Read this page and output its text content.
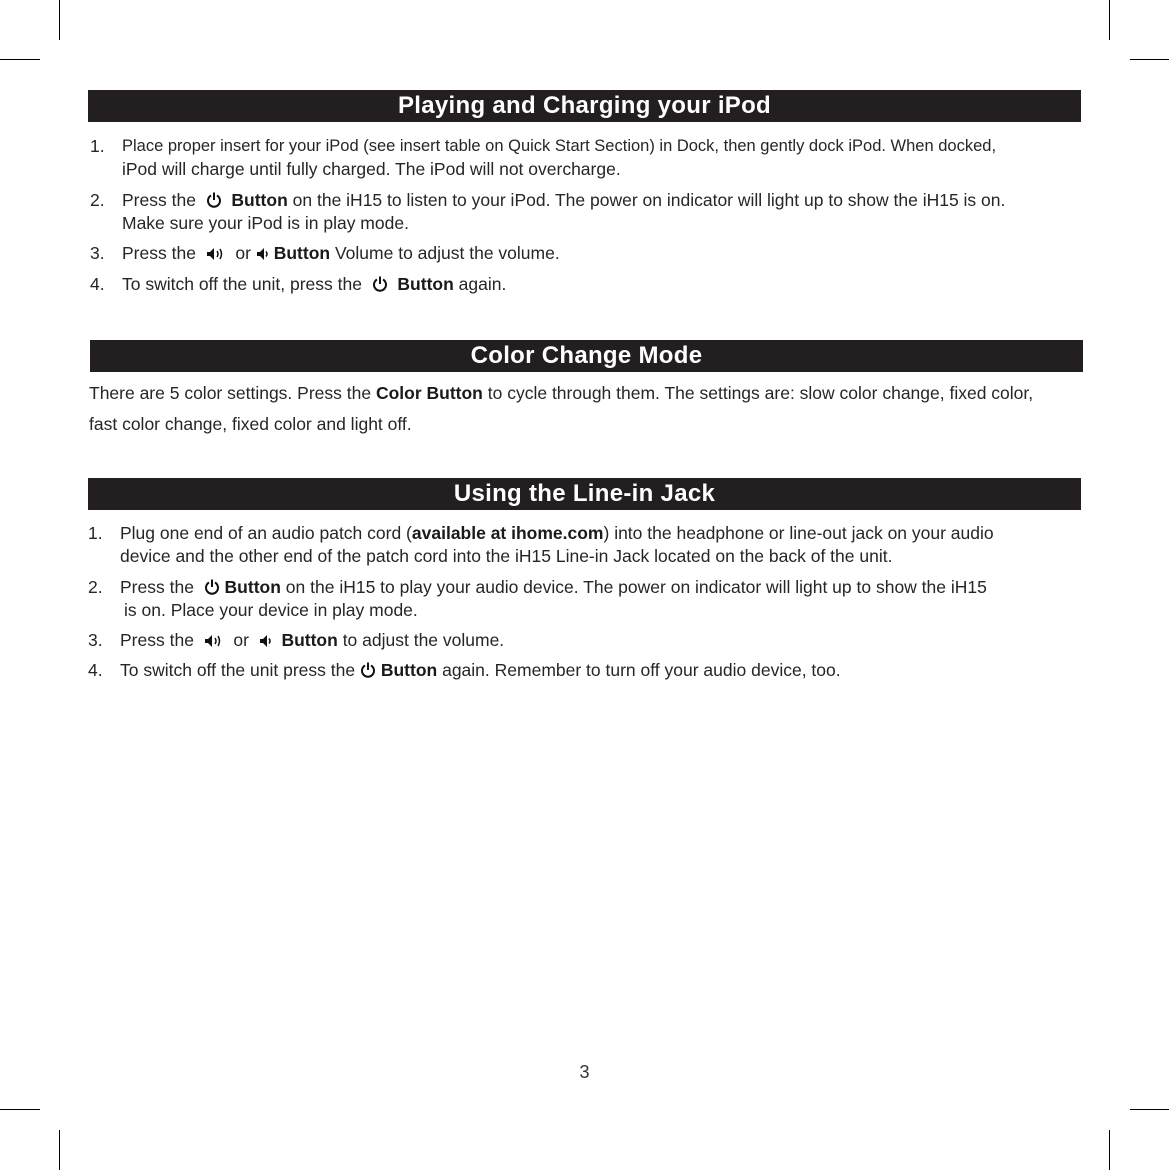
Playing and Charging your iPod
1. Place proper insert for your iPod (see insert table on Quick Start Section) in Dock, then gently dock iPod. When docked,
iPod will charge until fully charged. The iPod will not overcharge.
2. Press the Button on the iH15 to listen to your iPod. The power on indicator will light up to show the iH15 is on.
Make sure your iPod is in play mode.
3. Press the or Button Volume to adjust the volume.
4. To switch off the unit, press the Button again.
Color Change Mode
There are 5 color settings. Press the Color Button to cycle through them. The settings are: slow color change, fixed color,
fast color change, fixed color and light off.
Using the Line-in Jack
1. Plug one end of an audio patch cord (available at ihome.com) into the headphone or line-out jack on your audio
device and the other end of the patch cord into the iH15 Line-in Jack located on the back of the unit.
2. Press the Button on the iH15 to play your audio device. The power on indicator will light up to show the iH15
is on. Place your device in play mode.
3. Press the or Button to adjust the volume.
4. To switch off the unit press the Button again. Remember to turn off your audio device, too.
3
